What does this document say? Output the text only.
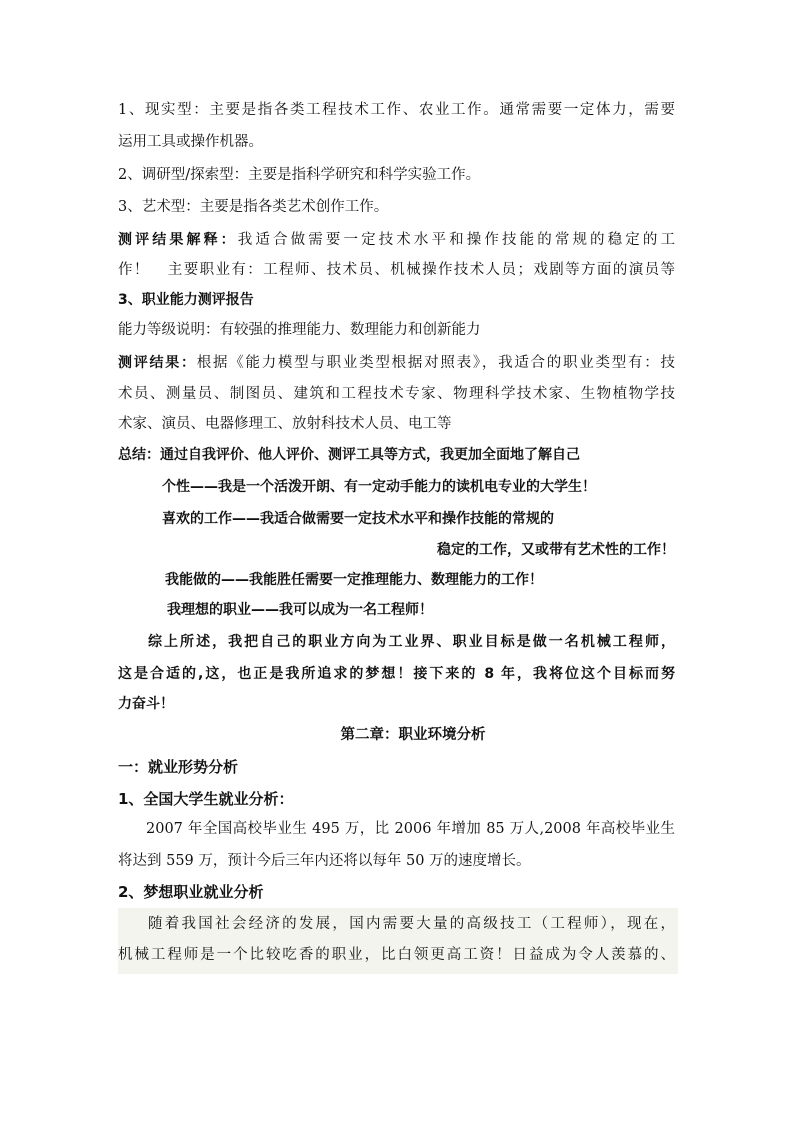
1、现实型：主要是指各类工程技术工作、农业工作。通常需要一定体力，需要
运用工具或操作机器。
2、调研型/探索型：主要是指科学研究和科学实验工作。
3、艺术型：主要是指各类艺术创作工作。
测评结果解释：我适合做需要一定技术水平和操作技能的常规的稳定的工
作！   主要职业有：工程师、技术员、机械操作技术人员；戏剧等方面的演员等
3、职业能力测评报告
能力等级说明：有较强的推理能力、数理能力和创新能力
测评结果：根据《能力模型与职业类型根据对照表》，我适合的职业类型有：技
术员、测量员、制图员、建筑和工程技术专家、物理科学技术家、生物植物学技
术家、演员、电器修理工、放射科技术人员、电工等
总结：通过自我评价、他人评价、测评工具等方式，我更加全面地了解自己
个性——我是一个活泼开朗、有一定动手能力的读机电专业的大学生！
喜欢的工作——我适合做需要一定技术水平和操作技能的常规的
稳定的工作，又或带有艺术性的工作！
我能做的——我能胜任需要一定推理能力、数理能力的工作！
我理想的职业——我可以成为一名工程师！
综上所述，我把自己的职业方向为工业界、职业目标是做一名机械工程师，
这是合适的,这，也正是我所追求的梦想！接下来的 8 年，我将位这个目标而努
力奋斗！
第二章：职业环境分析
一：就业形势分析
1、全国大学生就业分析：
2007 年全国高校毕业生 495 万，比 2006 年增加 85 万人,2008 年高校毕业生
将达到 559 万，预计今后三年内还将以每年 50 万的速度增长。
2、梦想职业就业分析
随着我国社会经济的发展，国内需要大量的高级技工（工程师），现在，
机械工程师是一个比较吃香的职业，比白领更高工资！日益成为令人羡慕的、
